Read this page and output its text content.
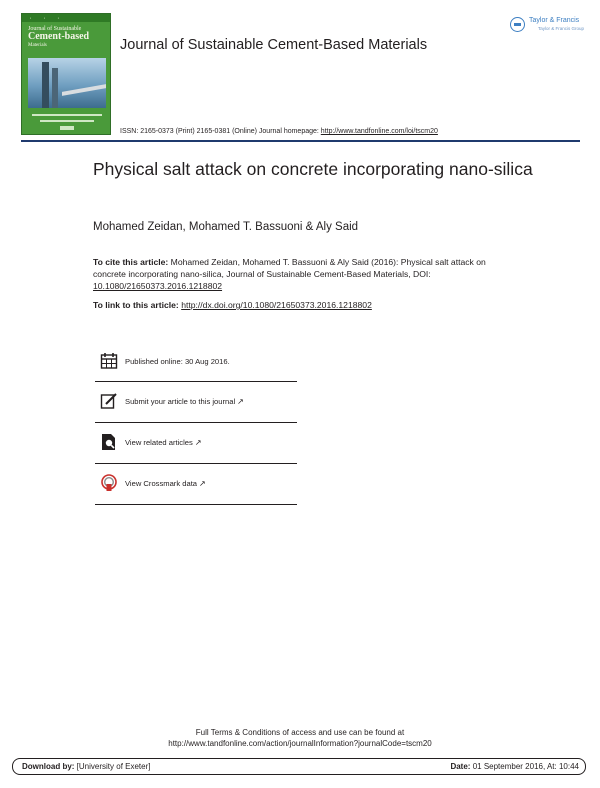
▪ ▪ ▪
Journal of Sustainable
Cement-based
Materials	Journal of Sustainable Cement-Based Materials
Taylor & Francis
Taylor & Francis Group
ISSN: 2165-0373 (Print) 2165-0381 (Online) Journal homepage: http://www.tandfonline.com/loi/tscm20
Physical salt attack on concrete incorporating nano-silica
Mohamed Zeidan, Mohamed T. Bassuoni & Aly Said
To cite this article: Mohamed Zeidan, Mohamed T. Bassuoni & Aly Said (2016): Physical salt attack on concrete incorporating nano-silica, Journal of Sustainable Cement-Based Materials, DOI: 10.1080/21650373.2016.1218802
To link to this article: http://dx.doi.org/10.1080/21650373.2016.1218802
Published online: 30 Aug 2016.
Submit your article to this journal ↗
View related articles ↗
View Crossmark data ↗
Full Terms & Conditions of access and use can be found at
http://www.tandfonline.com/action/journalInformation?journalCode=tscm20
Download by: [University of Exeter]	Date: 01 September 2016, At: 10:44
